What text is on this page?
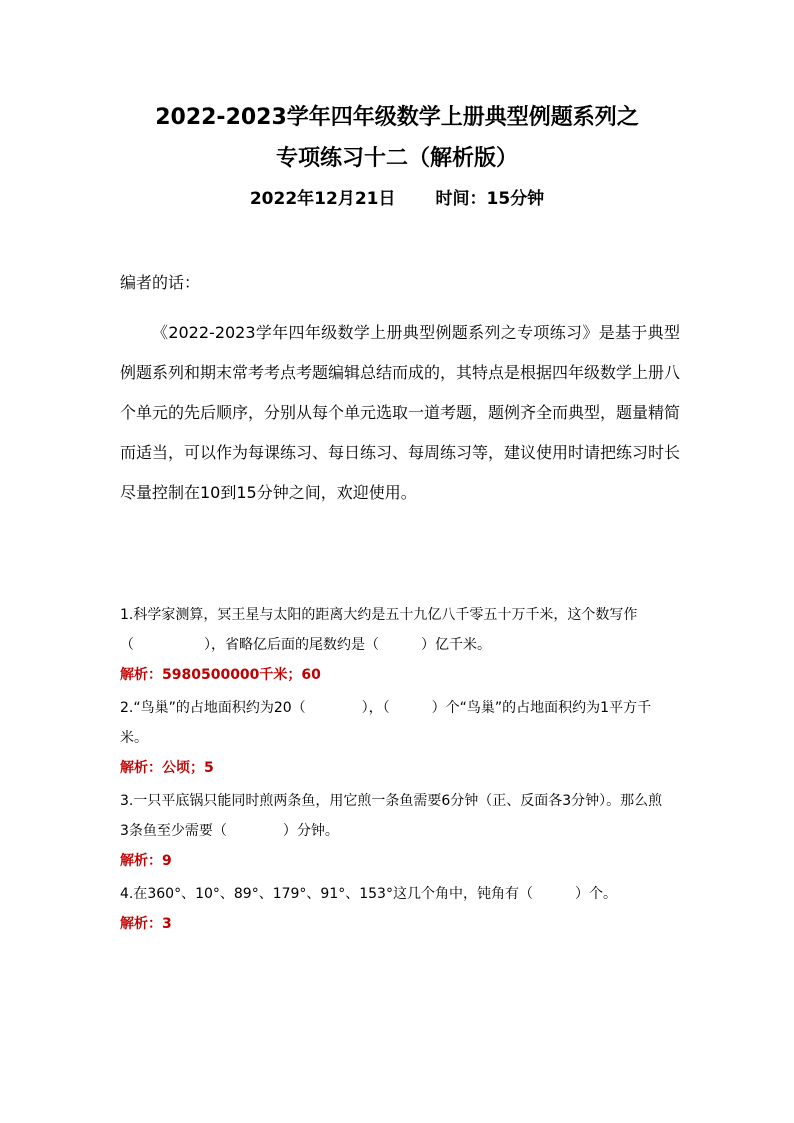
2022-2023学年四年级数学上册典型例题系列之
专项练习十二（解析版）
2022年12月21日 时间：15分钟
编者的话：

《2022-2023学年四年级数学上册典型例题系列之专项练习》是基于典型例题系列和期末常考考点考题编辑总结而成的，其特点是根据四年级数学上册八个单元的先后顺序，分别从每个单元选取一道考题，题例齐全而典型，题量精简而适当，可以作为每课练习、每日练习、每周练习等，建议使用时请把练习时长尽量控制在10到15分钟之间，欢迎使用。

1.科学家测算，冥王星与太阳的距离大约是五十九亿八千零五十万千米，这个数写作（　　　　　），省略亿后面的尾数约是（　　　）亿千米。

解析：5980500000千米；60

2.“鸟巢”的占地面积约为20（　　　　），（　　　）个“鸟巢”的占地面积约为1平方千米。

解析：公顷；5

3.一只平底锅只能同时煎两条鱼，用它煎一条鱼需要6分钟（正、反面各3分钟）。那么煎3条鱼至少需要（　　　　）分钟。

解析：9

4.在360°、10°、89°、179°、91°、153°这几个角中，钝角有（　　　）个。

解析：3
